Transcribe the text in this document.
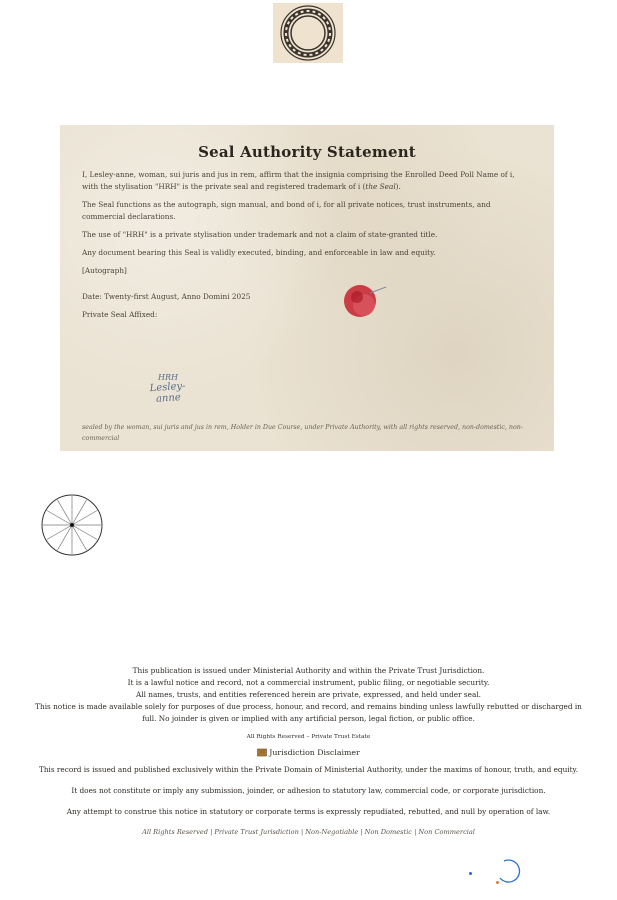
Seal Authority Statement

I, Lesley-anne, woman, sui juris and jus in rem, affirm that the insignia comprising the Enrolled Deed Poll Name of i, with the stylisation "HRH" is the private seal and registered trademark of i (the Seal).

The Seal functions as the autograph, sign manual, and bond of i, for all private notices, trust instruments, and commercial declarations.

The use of "HRH" is a private stylisation under trademark and not a claim of state-granted title.

Any document bearing this Seal is validly executed, binding, and enforceable in law and equity.

[Autograph]

Date: Twenty-first August, Anno Domini 2025

Private Seal Affixed:

HRH
Lesley-anne

sealed by the woman, sui juris and jus in rem, Holder in Due Course, under Private Authority, with all rights reserved, non-domestic, non-commercial

This publication is issued under Ministerial Authority and within the Private Trust Jurisdiction.

It is a lawful notice and record, not a commercial instrument, public filing, or negotiable security.

All names, trusts, and entities referenced herein are private, expressed, and held under seal.

This notice is made available solely for purposes of due process, honour, and record, and remains binding unless lawfully rebutted or discharged in full. No joinder is given or implied with any artificial person, legal fiction, or public office.

All Rights Reserved – Private Trust Estate

Jurisdiction Disclaimer

This record is issued and published exclusively within the Private Domain of Ministerial Authority, under the maxims of honour, truth, and equity.

It does not constitute or imply any submission, joinder, or adhesion to statutory law, commercial code, or corporate jurisdiction.

Any attempt to construe this notice in statutory or corporate terms is expressly repudiated, rebutted, and null by operation of law.

All Rights Reserved | Private Trust Jurisdiction | Non-Negotiable | Non Domestic | Non Commercial
